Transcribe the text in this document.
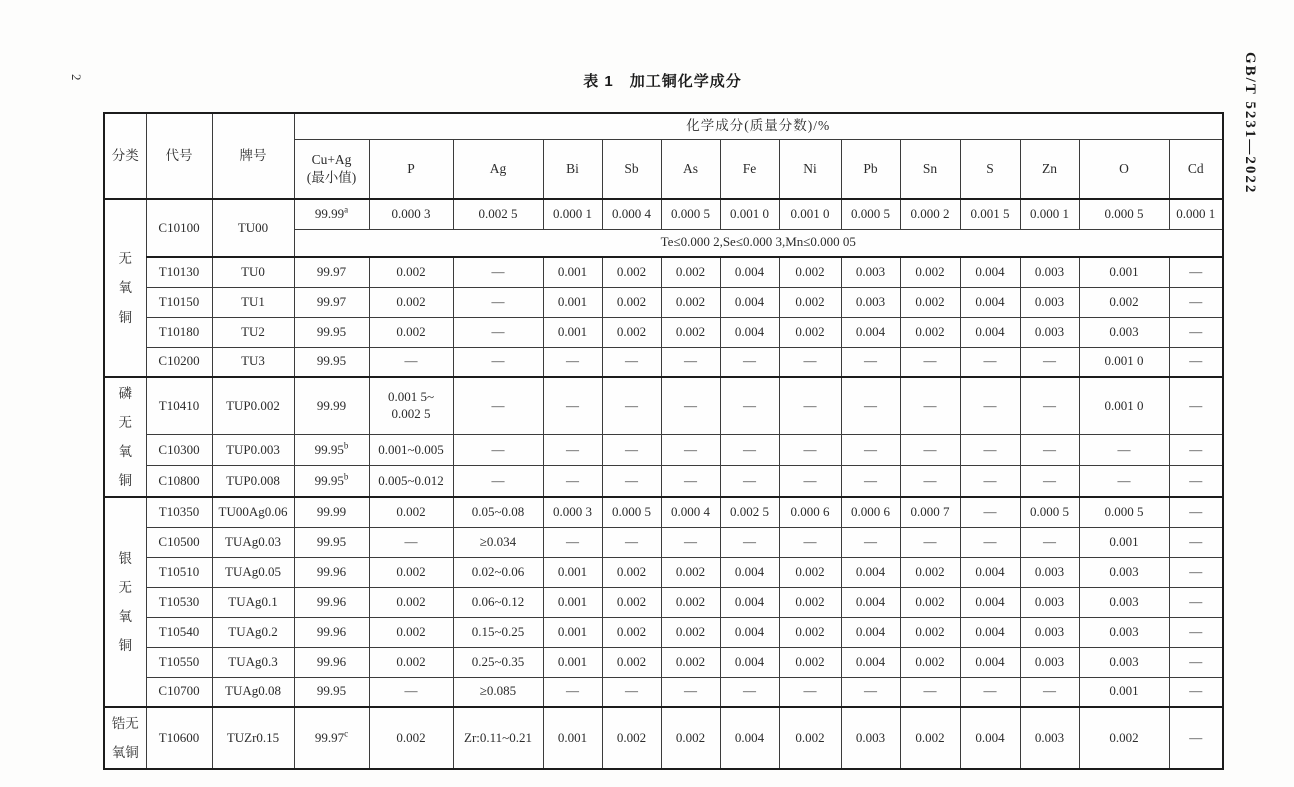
2	GB/T 5231—2022
表 1　加工铜化学成分
分类	代号	牌号	化学成分(质量分数)/%													
			Cu+Ag
(最小值)	P	Ag	Bi	Sb	As	Fe	Ni	Pb	Sn	S	Zn	O	Cd
无
氧
铜	C10100	TU00	99.99$^a$	0.000 3	0.002 5	0.000 1	0.000 4	0.000 5	0.001 0	0.001 0	0.000 5	0.000 2	0.001 5	0.000 1	0.000 5	0.000 1
			Te≤0.000 2,Se≤0.000 3,Mn≤0.000 05													
	T10130	TU0	99.97	0.002	—	0.001	0.002	0.002	0.004	0.002	0.003	0.002	0.004	0.003	0.001	—
	T10150	TU1	99.97	0.002	—	0.001	0.002	0.002	0.004	0.002	0.003	0.002	0.004	0.003	0.002	—
	T10180	TU2	99.95	0.002	—	0.001	0.002	0.002	0.004	0.002	0.004	0.002	0.004	0.003	0.003	—
	C10200	TU3	99.95	—	—	—	—	—	—	—	—	—	—	—	0.001 0	—
磷
无
氧
铜	T10410	TUP0.002	99.99	0.001 5~
0.002 5	—	—	—	—	—	—	—	—	—	—	0.001 0	—
	C10300	TUP0.003	99.95$^b$	0.001~0.005	—	—	—	—	—	—	—	—	—	—	—	—
	C10800	TUP0.008	99.95$^b$	0.005~0.012	—	—	—	—	—	—	—	—	—	—	—	—
银
无
氧
铜	T10350	TU00Ag0.06	99.99	0.002	0.05~0.08	0.000 3	0.000 5	0.000 4	0.002 5	0.000 6	0.000 6	0.000 7	—	0.000 5	0.000 5	—
	C10500	TUAg0.03	99.95	—	≥0.034	—	—	—	—	—	—	—	—	—	0.001	—
	T10510	TUAg0.05	99.96	0.002	0.02~0.06	0.001	0.002	0.002	0.004	0.002	0.004	0.002	0.004	0.003	0.003	—
	T10530	TUAg0.1	99.96	0.002	0.06~0.12	0.001	0.002	0.002	0.004	0.002	0.004	0.002	0.004	0.003	0.003	—
	T10540	TUAg0.2	99.96	0.002	0.15~0.25	0.001	0.002	0.002	0.004	0.002	0.004	0.002	0.004	0.003	0.003	—
	T10550	TUAg0.3	99.96	0.002	0.25~0.35	0.001	0.002	0.002	0.004	0.002	0.004	0.002	0.004	0.003	0.003	—
	C10700	TUAg0.08	99.95	—	≥0.085	—	—	—	—	—	—	—	—	—	0.001	—
锆无
氧铜	T10600	TUZr0.15	99.97$^c$	0.002	Zr:0.11~0.21	0.001	0.002	0.002	0.004	0.002	0.003	0.002	0.004	0.003	0.002	—
